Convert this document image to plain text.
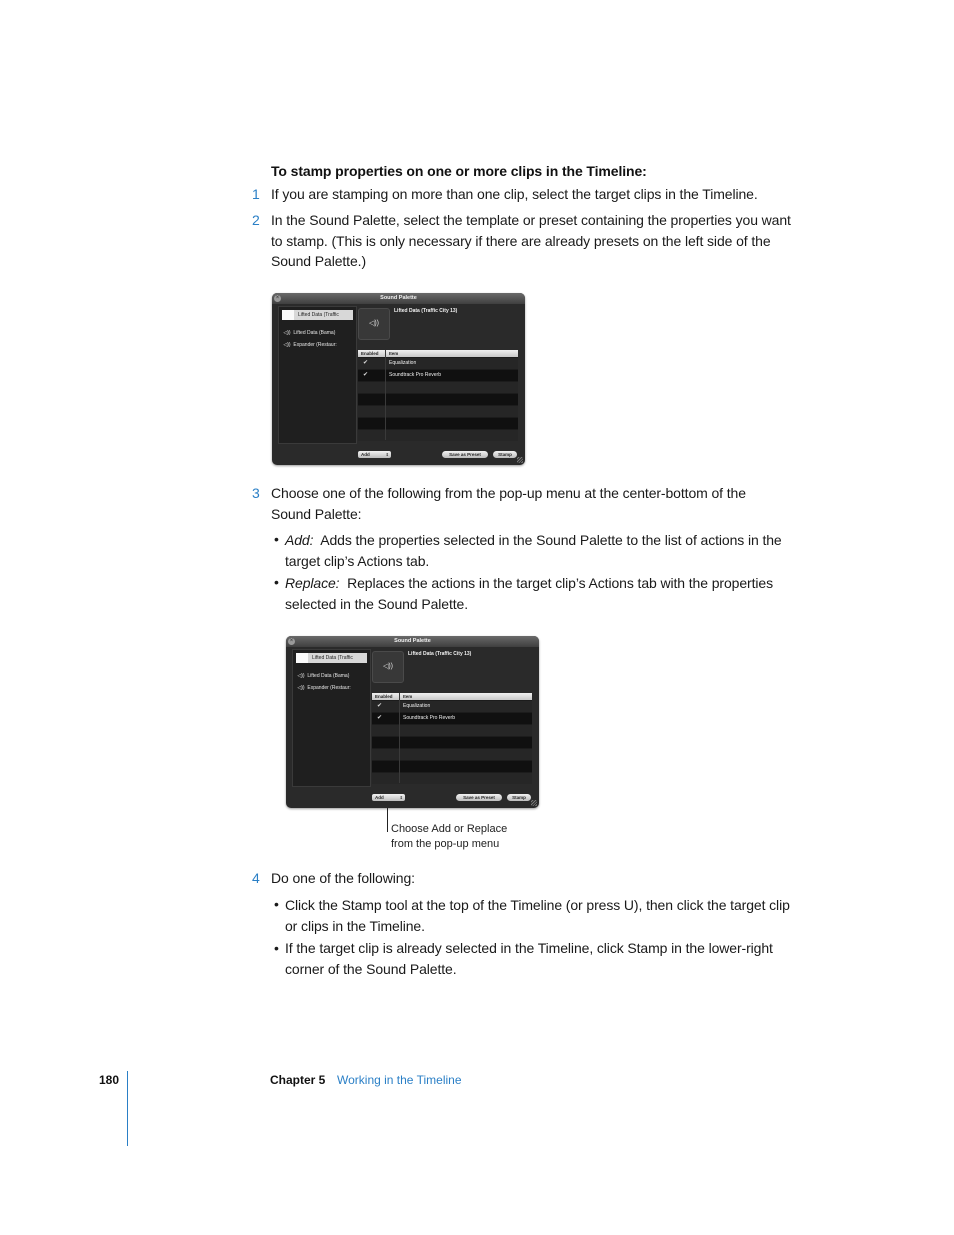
To stamp properties on one or more clips in the Timeline:
1 If you are stamping on more than one clip, select the target clips in the Timeline.
2 In the Sound Palette, select the template or preset containing the properties you want
to stamp. (This is only necessary if there are already presets on the left side of the
Sound Palette.)
Sound Palette
×
Lifted Data (Traffic
◁)) Lifted Data (Bama)
◁)) Expander (Restaur:
◁))
Lifted Data (Traffic City 13)
Enabled Item
✔	Equalization
✔	Soundtrack Pro Reverb
Add	⇕	Save as Preset	Stamp
3 Choose one of the following from the pop-up menu at the center-bottom of the
Sound Palette:
• Add: Adds the properties selected in the Sound Palette to the list of actions in the
target clip’s Actions tab.
• Replace: Replaces the actions in the target clip’s Actions tab with the properties
selected in the Sound Palette.
Sound Palette
×
Lifted Data (Traffic
◁)) Lifted Data (Bama)
◁)) Expander (Restaur:
◁))
Lifted Data (Traffic City 13)
Enabled Item
✔	Equalization
✔	Soundtrack Pro Reverb
Add	⇕	Save as Preset	Stamp
Choose Add or Replace
from the pop-up menu
4 Do one of the following:
• Click the Stamp tool at the top of the Timeline (or press U), then click the target clip
or clips in the Timeline.
• If the target clip is already selected in the Timeline, click Stamp in the lower-right
corner of the Sound Palette.
180	Chapter 5 Working in the Timeline
